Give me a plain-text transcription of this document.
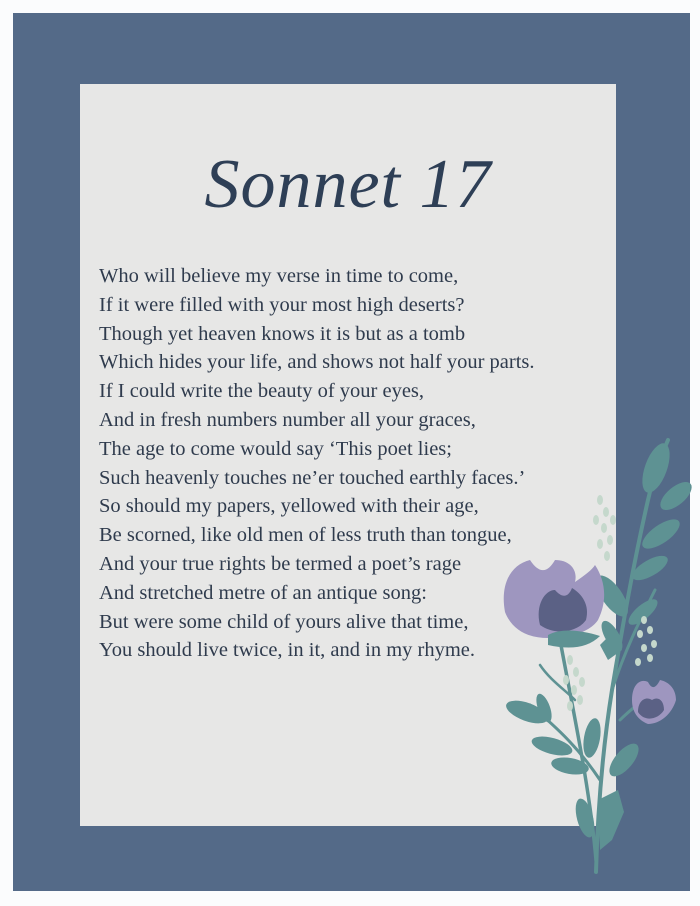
Sonnet 17
Who will believe my verse in time to come,
If it were filled with your most high deserts?
Though yet heaven knows it is but as a tomb
Which hides your life, and shows not half your parts.
If I could write the beauty of your eyes,
And in fresh numbers number all your graces,
The age to come would say ‘This poet lies;
Such heavenly touches ne’er touched earthly faces.’
So should my papers, yellowed with their age,
Be scorned, like old men of less truth than tongue,
And your true rights be termed a poet’s rage
And stretched metre of an antique song:
But were some child of yours alive that time,
You should live twice, in it, and in my rhyme.
